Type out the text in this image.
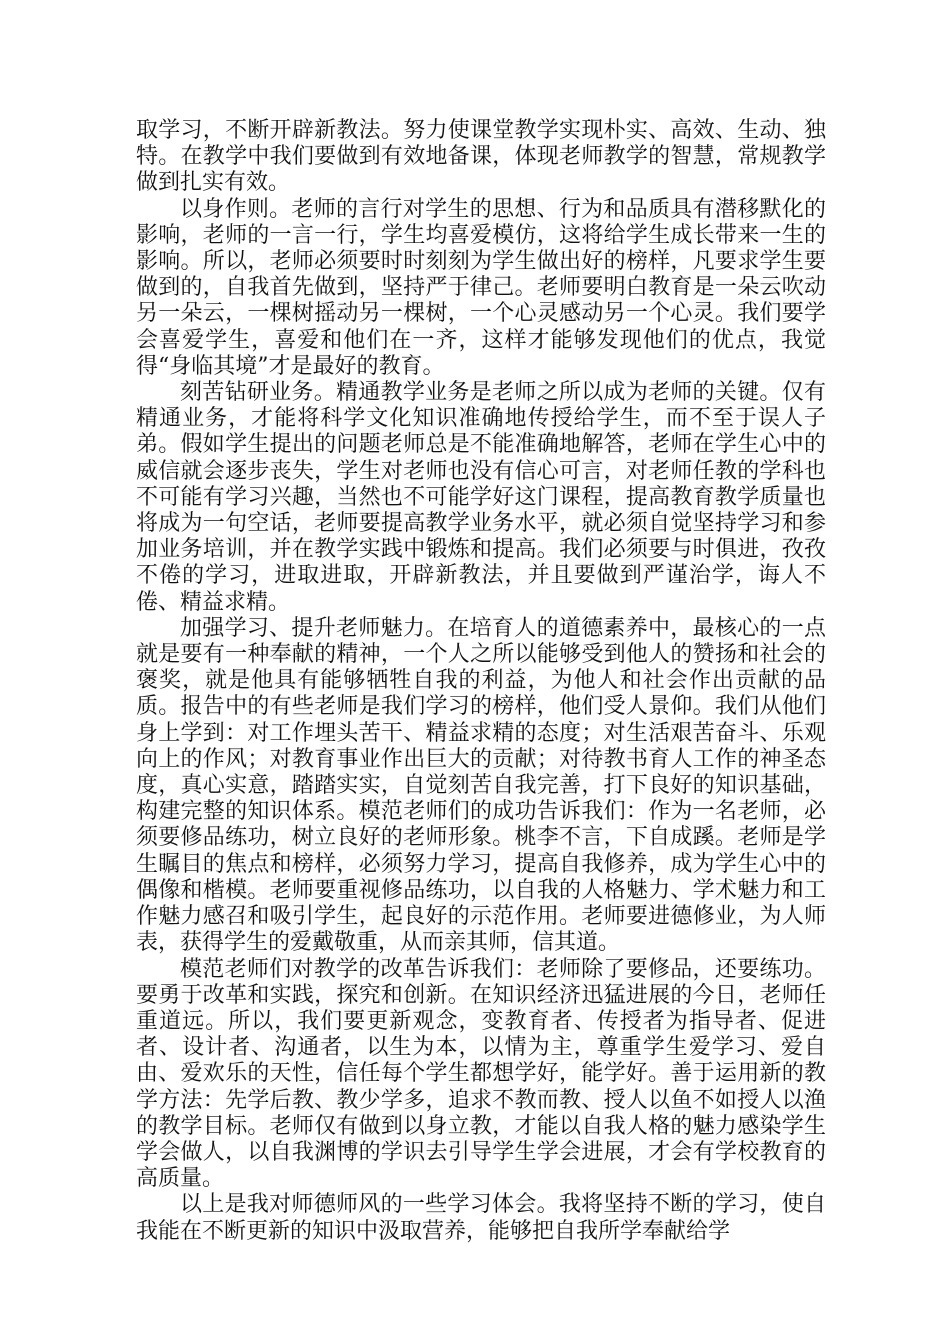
取学习，不断开辟新教法。努力使课堂教学实现朴实、高效、生动、独特。在教学中我们要做到有效地备课，体现老师教学的智慧，常规教学做到扎实有效。

以身作则。老师的言行对学生的思想、行为和品质具有潜移默化的影响，老师的一言一行，学生均喜爱模仿，这将给学生成长带来一生的影响。所以，老师必须要时时刻刻为学生做出好的榜样，凡要求学生要做到的，自我首先做到，坚持严于律己。老师要明白教育是一朵云吹动另一朵云，一棵树摇动另一棵树，一个心灵感动另一个心灵。我们要学会喜爱学生，喜爱和他们在一齐，这样才能够发现他们的优点，我觉得“身临其境”才是最好的教育。

刻苦钻研业务。精通教学业务是老师之所以成为老师的关键。仅有精通业务，才能将科学文化知识准确地传授给学生，而不至于误人子弟。假如学生提出的问题老师总是不能准确地解答，老师在学生心中的威信就会逐步丧失，学生对老师也没有信心可言，对老师任教的学科也不可能有学习兴趣，当然也不可能学好这门课程，提高教育教学质量也将成为一句空话，老师要提高教学业务水平，就必须自觉坚持学习和参加业务培训，并在教学实践中锻炼和提高。我们必须要与时俱进，孜孜不倦的学习，进取进取，开辟新教法，并且要做到严谨治学，诲人不倦、精益求精。

加强学习、提升老师魅力。在培育人的道德素养中，最核心的一点就是要有一种奉献的精神，一个人之所以能够受到他人的赞扬和社会的褒奖，就是他具有能够牺牲自我的利益，为他人和社会作出贡献的品质。报告中的有些老师是我们学习的榜样，他们受人景仰。我们从他们身上学到：对工作埋头苦干、精益求精的态度；对生活艰苦奋斗、乐观向上的作风；对教育事业作出巨大的贡献；对待教书育人工作的神圣态度，真心实意，踏踏实实，自觉刻苦自我完善，打下良好的知识基础，构建完整的知识体系。模范老师们的成功告诉我们：作为一名老师，必须要修品练功，树立良好的老师形象。桃李不言，下自成蹊。老师是学生瞩目的焦点和榜样，必须努力学习，提高自我修养，成为学生心中的偶像和楷模。老师要重视修品练功，以自我的人格魅力、学术魅力和工作魅力感召和吸引学生，起良好的示范作用。老师要进德修业，为人师表，获得学生的爱戴敬重，从而亲其师，信其道。

模范老师们对教学的改革告诉我们：老师除了要修品，还要练功。要勇于改革和实践，探究和创新。在知识经济迅猛进展的今日，老师任重道远。所以，我们要更新观念，变教育者、传授者为指导者、促进者、设计者、沟通者，以生为本，以情为主，尊重学生爱学习、爱自由、爱欢乐的天性，信任每个学生都想学好，能学好。善于运用新的教学方法：先学后教、教少学多，追求不教而教、授人以鱼不如授人以渔的教学目标。老师仅有做到以身立教，才能以自我人格的魅力感染学生学会做人，以自我渊博的学识去引导学生学会进展，才会有学校教育的高质量。

以上是我对师德师风的一些学习体会。我将坚持不断的学习，使自我能在不断更新的知识中汲取营养，能够把自我所学奉献给学
